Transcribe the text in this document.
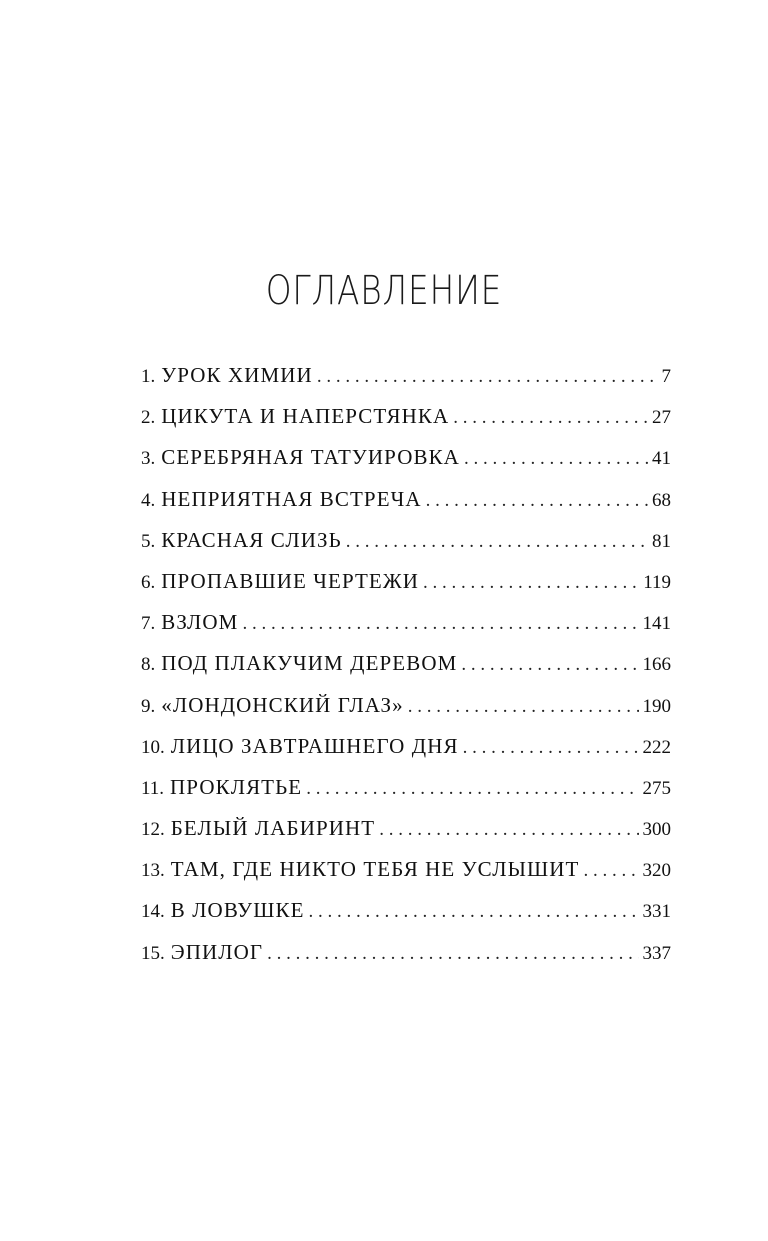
ОГЛАВЛЕНИЕ
1. УРОК ХИМИИ . . .	7
2. ЦИКУТА И НАПЕРСТЯНКА . . .	27
3. СЕРЕБРЯНАЯ ТАТУИРОВКА . . .	41
4. НЕПРИЯТНАЯ ВСТРЕЧА . . .	68
5. КРАСНАЯ СЛИЗЬ . . .	81
6. ПРОПАВШИЕ ЧЕРТЕЖИ . . .	119
7. ВЗЛОМ . . .	141
8. ПОД ПЛАКУЧИМ ДЕРЕВОМ . . .	166
9. «ЛОНДОНСКИЙ ГЛАЗ» . . .	190
10. ЛИЦО ЗАВТРАШНЕГО ДНЯ . . .	222
11. ПРОКЛЯТЬЕ . . .	275
12. БЕЛЫЙ ЛАБИРИНТ . . .	300
13. ТАМ, ГДЕ НИКТО ТЕБЯ НЕ УСЛЫШИТ . . .	320
14. В ЛОВУШКЕ . . .	331
15. ЭПИЛОГ . . .	337
